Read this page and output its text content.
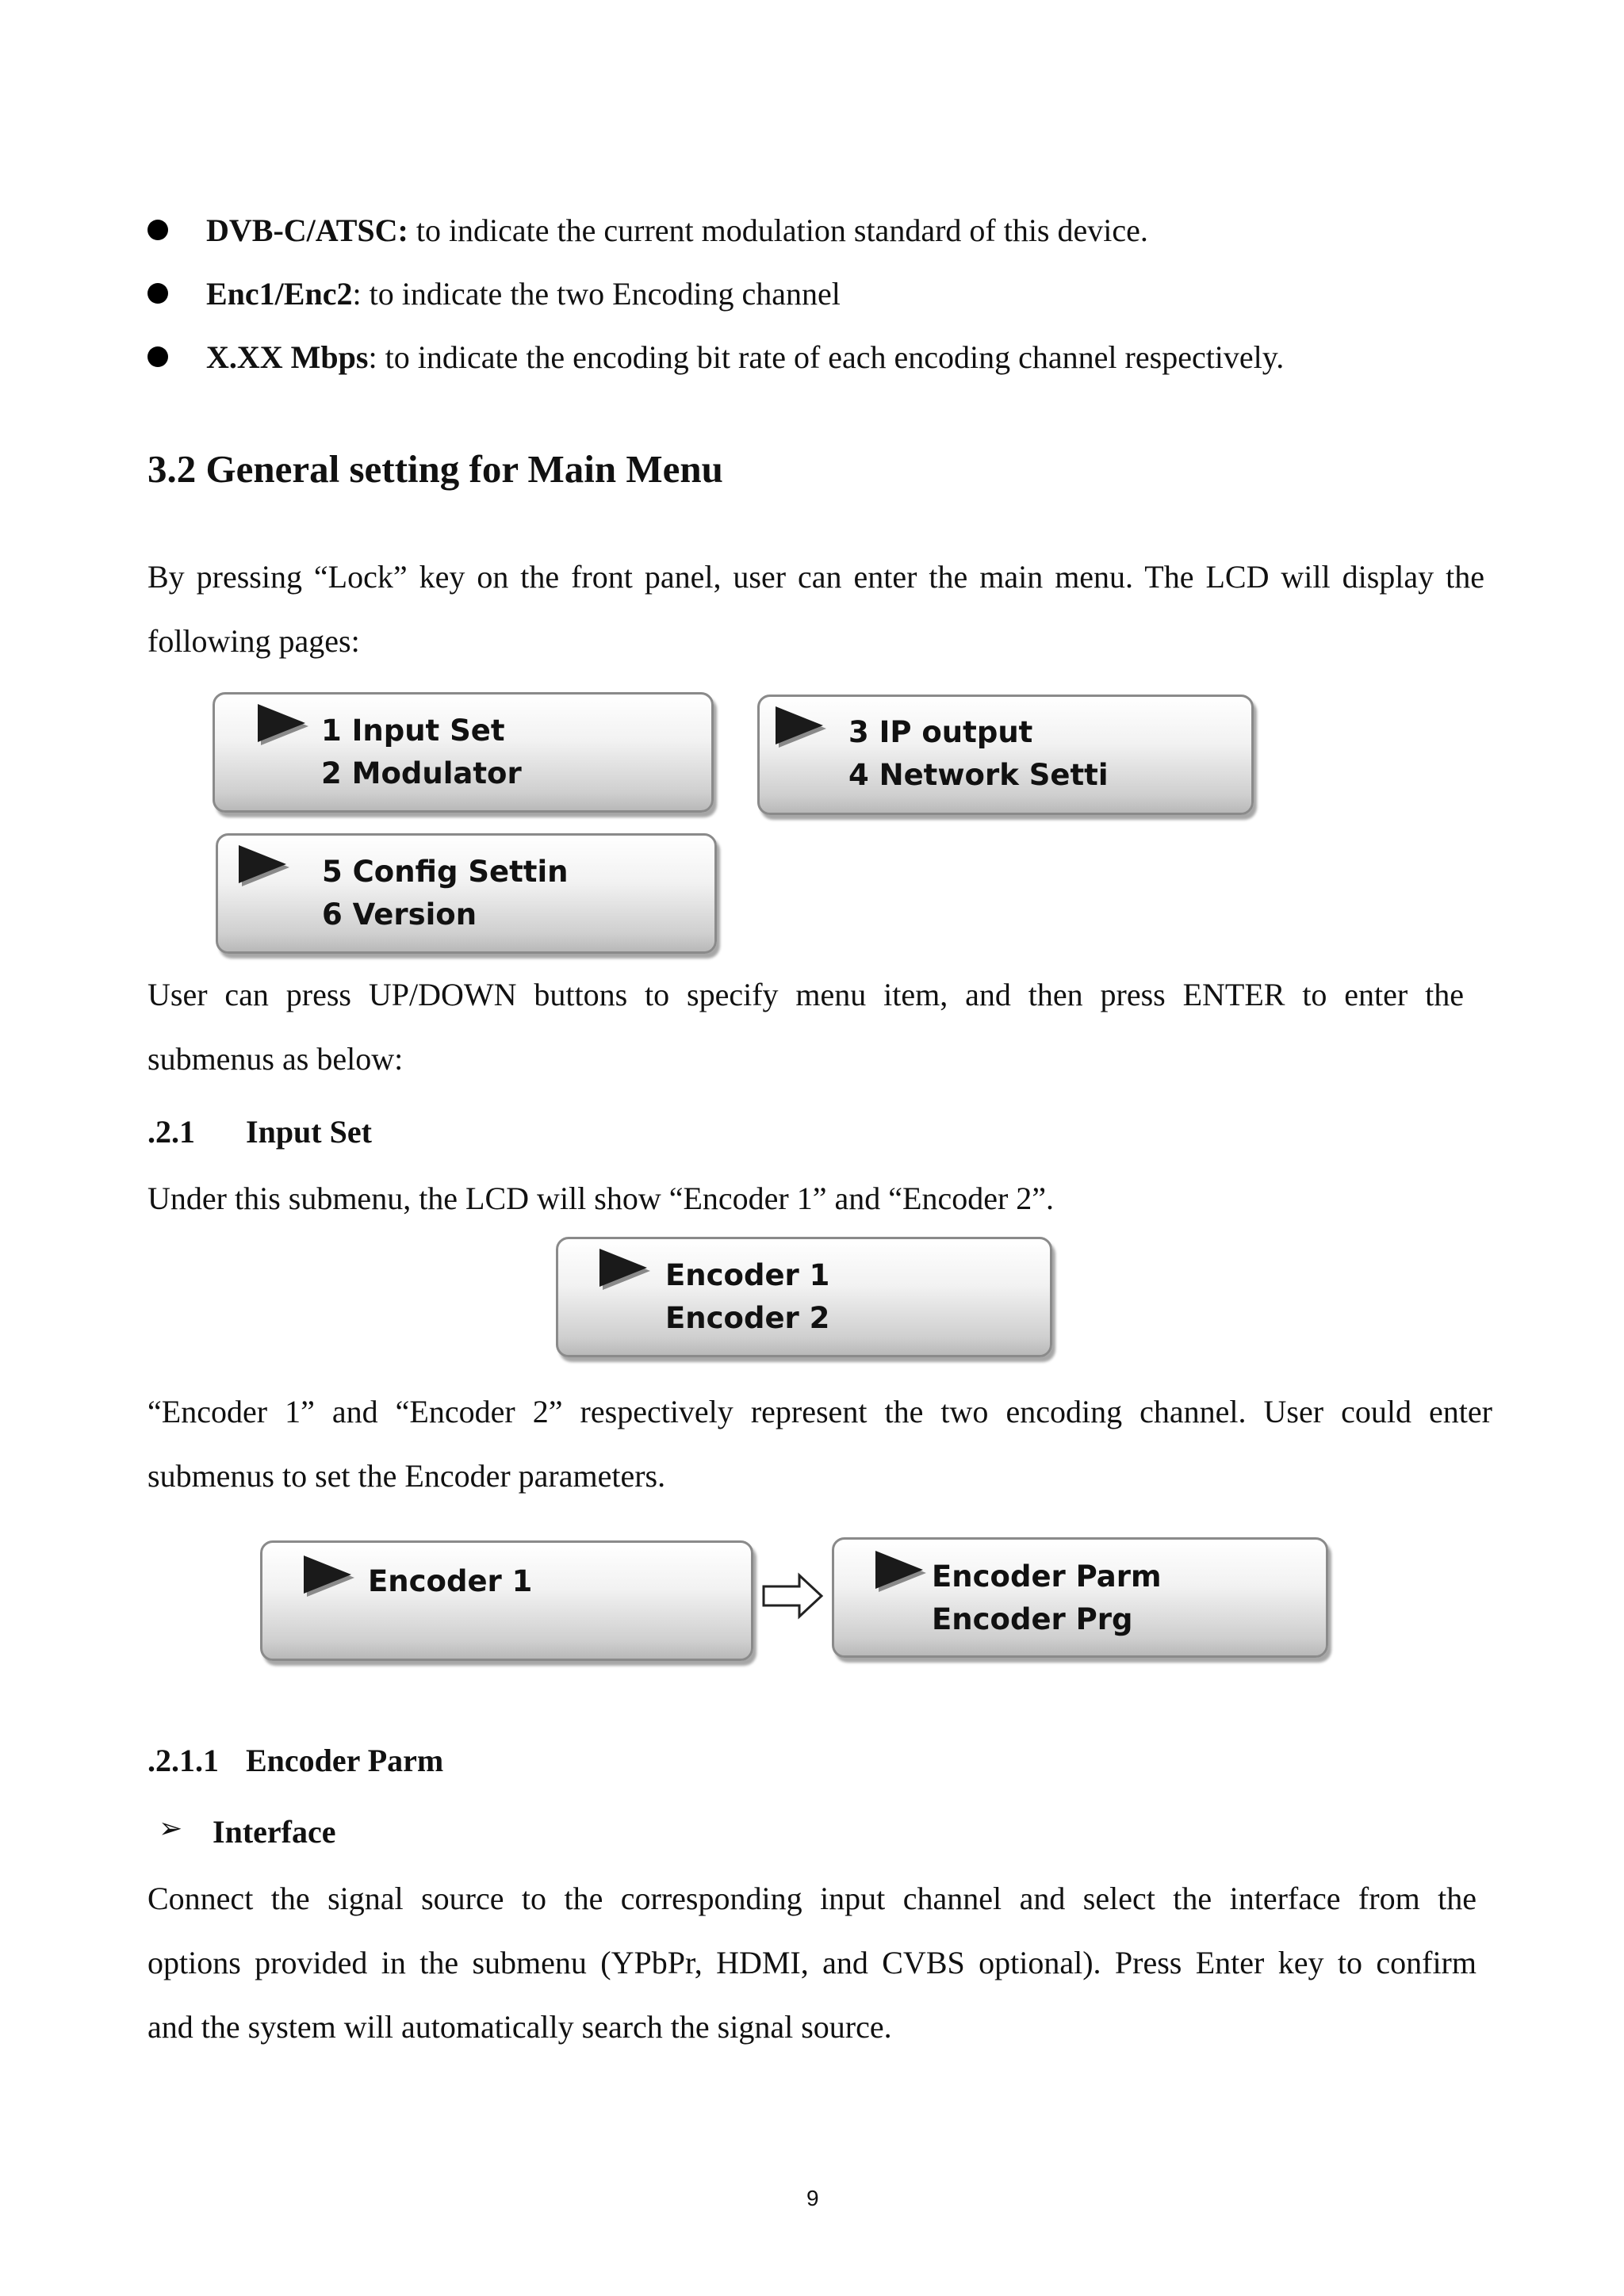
DVB-C/ATSC: to indicate the current modulation standard of this device.
Enc1/Enc2: to indicate the two Encoding channel
X.XX Mbps: to indicate the encoding bit rate of each encoding channel respectively.
3.2 General setting for Main Menu
By pressing “Lock” key on the front panel, user can enter the main menu. The LCD will display the
following pages:
1 Input Set
2 Modulator
3 IP output
4 Network Setti
5 Config Settin
6 Version
User can press UP/DOWN buttons to specify menu item, and then press ENTER to enter the
submenus as below:
.2.1 Input Set
Under this submenu, the LCD will show “Encoder 1” and “Encoder 2”.
Encoder 1
Encoder 2
“Encoder 1” and “Encoder 2” respectively represent the two encoding channel. User could enter
submenus to set the Encoder parameters.
Encoder 1	Encoder Parm
Encoder Prg
.2.1.1 Encoder Parm
➢ Interface
Connect the signal source to the corresponding input channel and select the interface from the
options provided in the submenu (YPbPr, HDMI, and CVBS optional). Press Enter key to confirm
and the system will automatically search the signal source.
9
